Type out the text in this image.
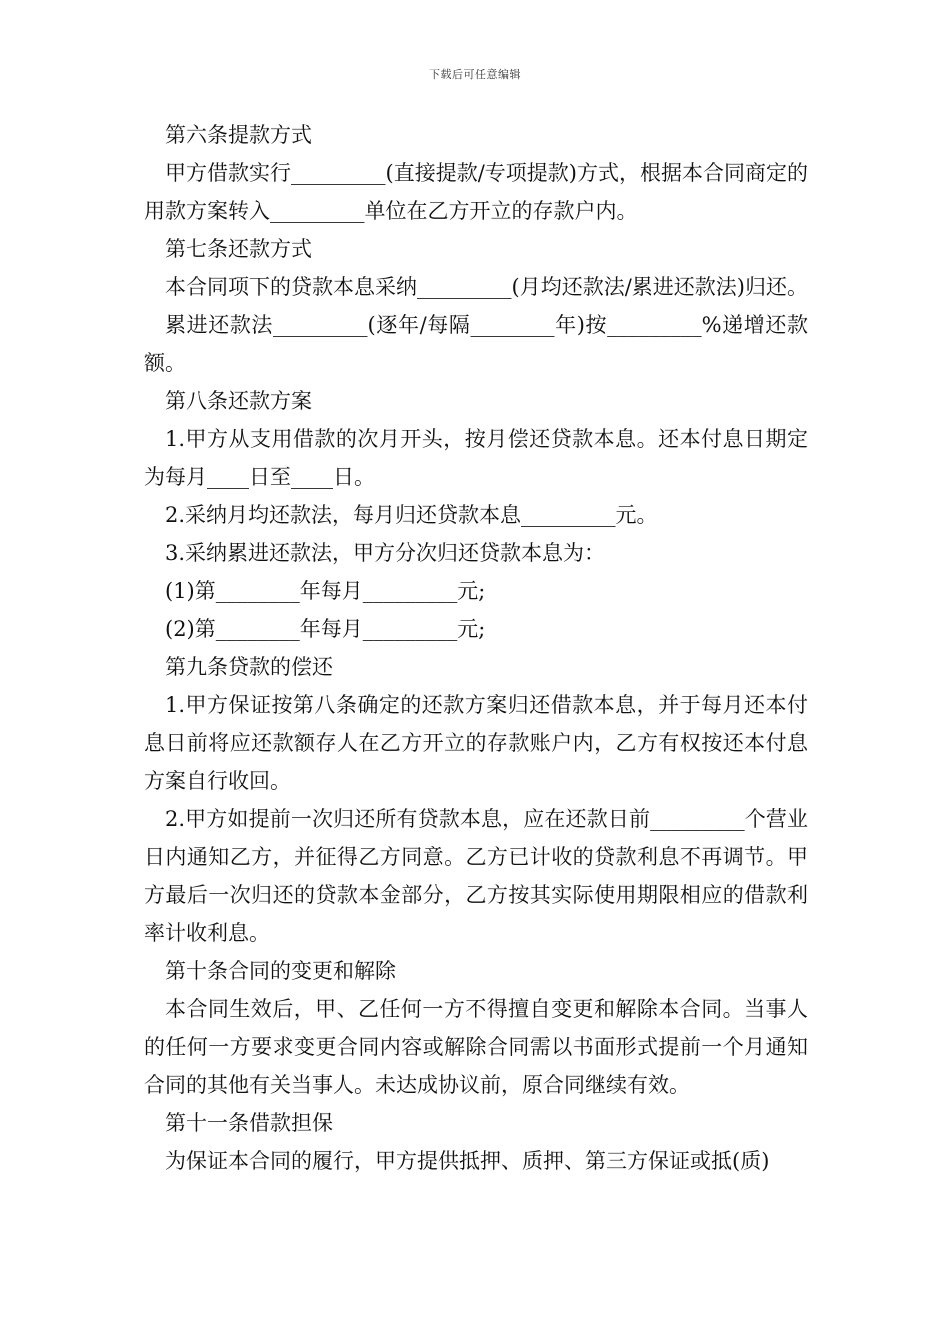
下载后可任意编辑

第六条提款方式

甲方借款实行_________(直接提款/专项提款)方式，根据本合同商定的用款方案转入_________单位在乙方开立的存款户内。

第七条还款方式

本合同项下的贷款本息采纳_________(月均还款法/累进还款法)归还。

累进还款法_________(逐年/每隔________年)按_________%递增还款额。

第八条还款方案

1.甲方从支用借款的次月开头，按月偿还贷款本息。还本付息日期定为每月____日至____日。

2.采纳月均还款法，每月归还贷款本息_________元。

3.采纳累进还款法，甲方分次归还贷款本息为：

(1)第________年每月_________元;

(2)第________年每月_________元;

第九条贷款的偿还

1.甲方保证按第八条确定的还款方案归还借款本息，并于每月还本付息日前将应还款额存人在乙方开立的存款账户内，乙方有权按还本付息方案自行收回。

2.甲方如提前一次归还所有贷款本息，应在还款日前_________个营业日内通知乙方，并征得乙方同意。乙方已计收的贷款利息不再调节。甲方最后一次归还的贷款本金部分，乙方按其实际使用期限相应的借款利率计收利息。

第十条合同的变更和解除

本合同生效后，甲、乙任何一方不得擅自变更和解除本合同。当事人的任何一方要求变更合同内容或解除合同需以书面形式提前一个月通知合同的其他有关当事人。未达成协议前，原合同继续有效。

第十一条借款担保

为保证本合同的履行，甲方提供抵押、质押、第三方保证或抵(质)
